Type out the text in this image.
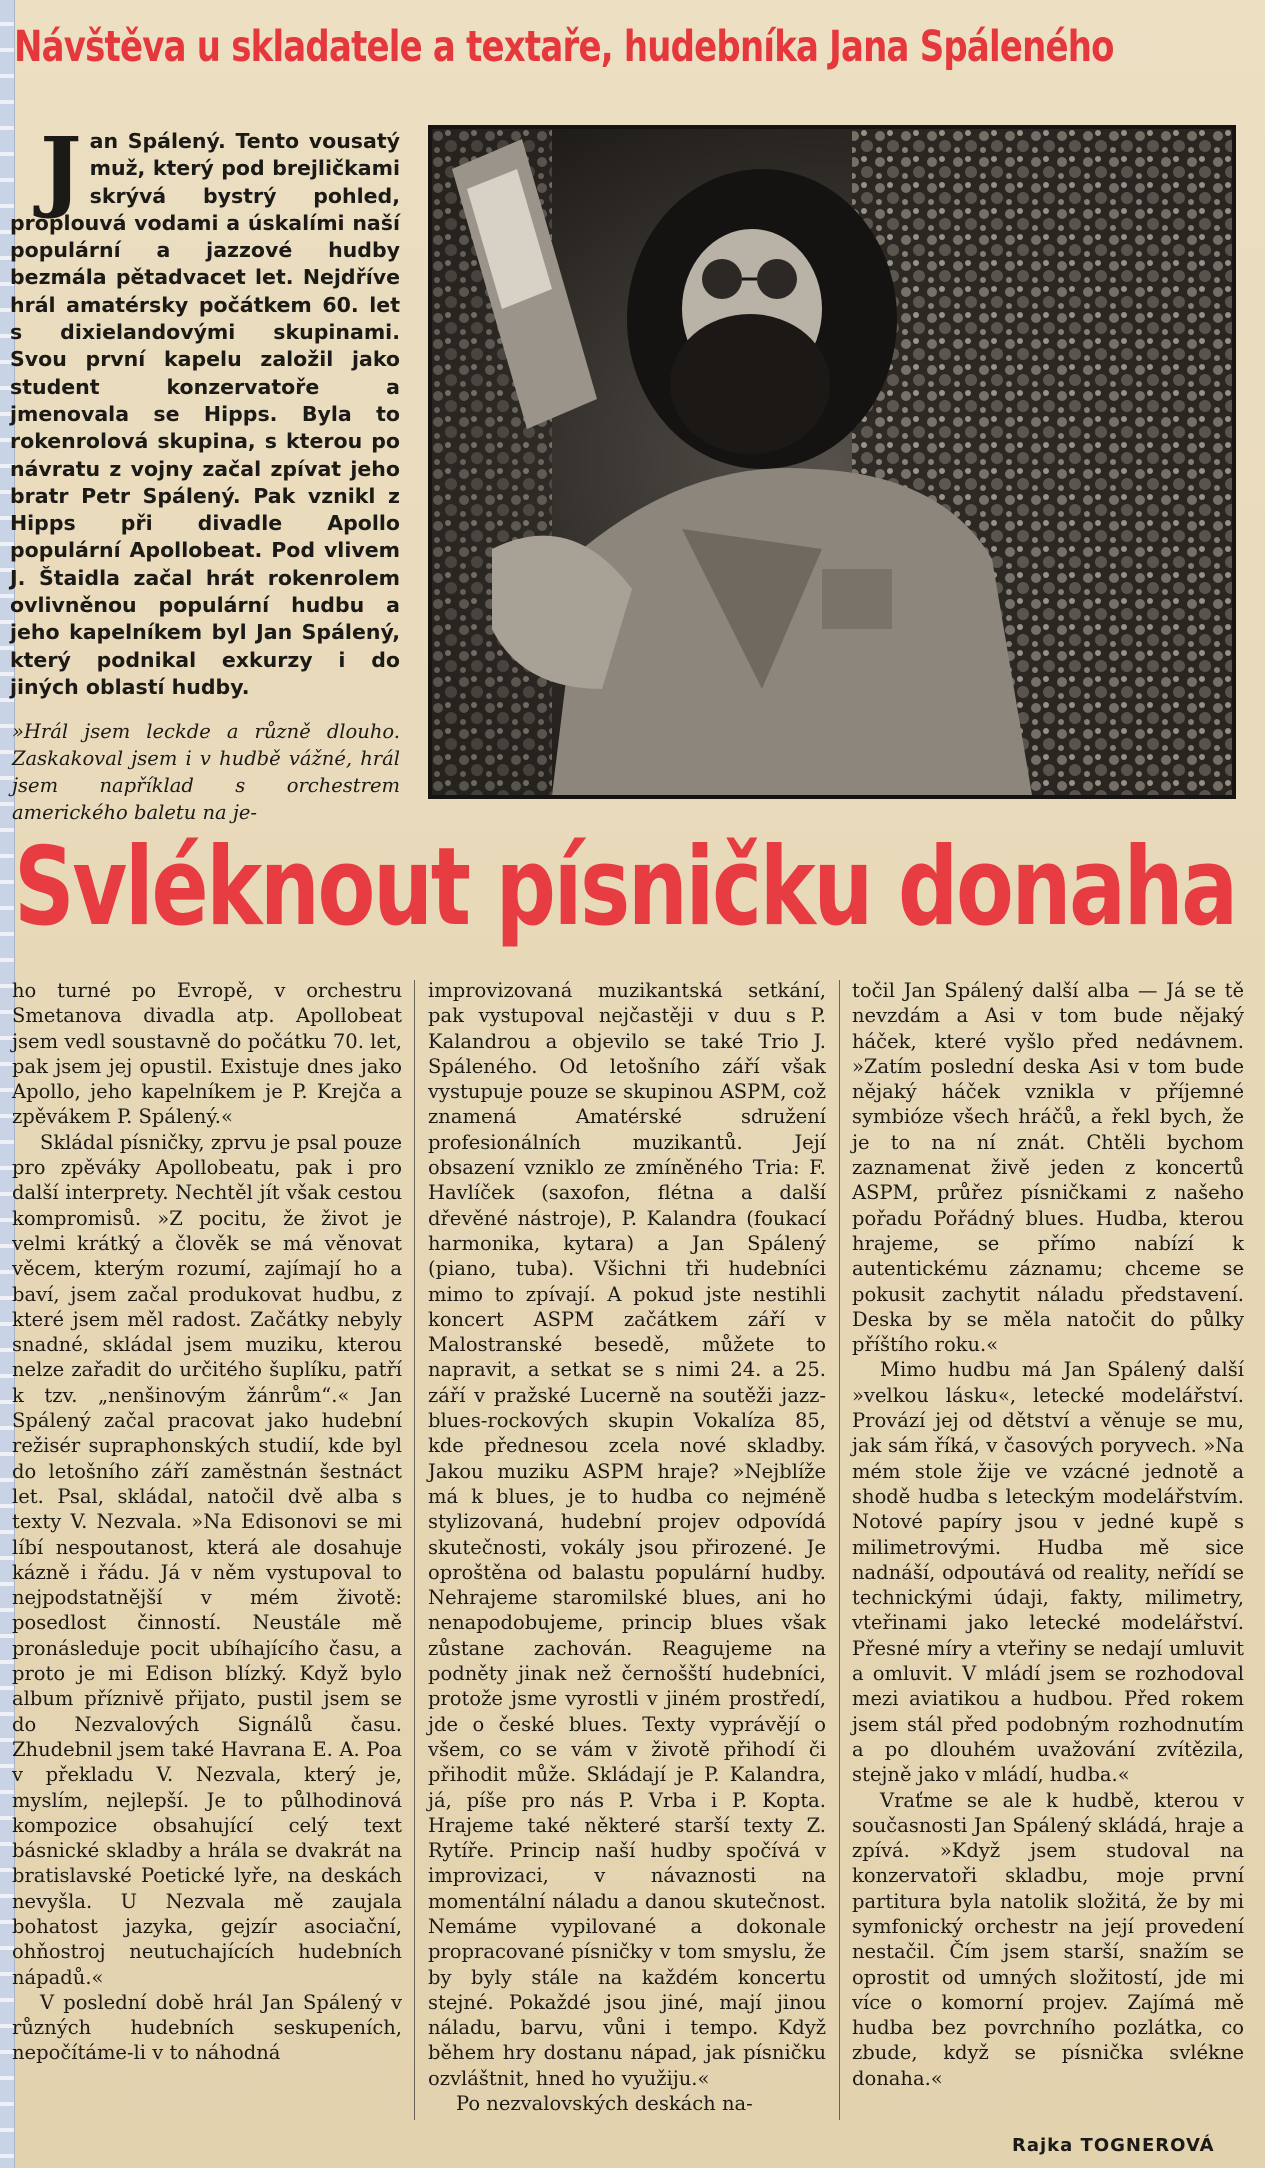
Návštěva u skladatele a textaře, hudebníka Jana Spáleného

Jan Spálený. Tento vousatý muž, který pod brejličkami skrývá bystrý pohled, proplouvá vodami a úskalími naší populární a jazzové hudby bezmála pětadvacet let. Nejdříve hrál amatérsky počátkem 60. let s dixielandovými skupinami. Svou první kapelu založil jako student konzervatoře a jmenovala se Hipps. Byla to rokenrolová skupina, s kterou po návratu z vojny začal zpívat jeho bratr Petr Spálený. Pak vznikl z Hipps při divadle Apollo populární Apollobeat. Pod vlivem J. Štaidla začal hrát rokenrolem ovlivněnou populární hudbu a jeho kapelníkem byl Jan Spálený, který podnikal exkurzy i do jiných oblastí hudby.

»Hrál jsem leckde a různě dlouho. Zaskakoval jsem i v hudbě vážné, hrál jsem například s orchestrem amerického baletu na je-

Svléknout písničku donaha

ho turné po Evropě, v orchestru Smetanova divadla atp. Apollobeat jsem vedl soustavně do počátku 70. let, pak jsem jej opustil. Existuje dnes jako Apollo, jeho kapelníkem je P. Krejča a zpěvákem P. Spálený.«

Skládal písničky, zprvu je psal pouze pro zpěváky Apollobeatu, pak i pro další interprety. Nechtěl jít však cestou kompromisů. »Z pocitu, že život je velmi krátký a člověk se má věnovat věcem, kterým rozumí, zajímají ho a baví, jsem začal produkovat hudbu, z které jsem měl radost. Začátky nebyly snadné, skládal jsem muziku, kterou nelze zařadit do určitého šuplíku, patří k tzv. „nenšinovým žánrům“.« Jan Spálený začal pracovat jako hudební režisér supraphonských studií, kde byl do letošního září zaměstnán šestnáct let. Psal, skládal, natočil dvě alba s texty V. Nezvala. »Na Edisonovi se mi líbí nespoutanost, která ale dosahuje kázně i řádu. Já v něm vystupoval to nejpodstatnější v mém životě: posedlost činností. Neustále mě pronásleduje pocit ubíhajícího času, a proto je mi Edison blízký. Když bylo album příznivě přijato, pustil jsem se do Nezvalových Signálů času. Zhudebnil jsem také Havrana E. A. Poa v překladu V. Nezvala, který je, myslím, nejlepší. Je to půlhodinová kompozice obsahující celý text básnické skladby a hrála se dvakrát na bratislavské Poetické lyře, na deskách nevyšla. U Nezvala mě zaujala bohatost jazyka, gejzír asociační, ohňostroj neutuchajících hudebních nápadů.«

V poslední době hrál Jan Spálený v různých hudebních seskupeních, nepočítáme-li v to náhodná

improvizovaná muzikantská setkání, pak vystupoval nejčastěji v duu s P. Kalandrou a objevilo se také Trio J. Spáleného. Od letošního září však vystupuje pouze se skupinou ASPM, což znamená Amatérské sdružení profesionálních muzikantů. Její obsazení vzniklo ze zmíněného Tria: F. Havlíček (saxofon, flétna a další dřevěné nástroje), P. Kalandra (foukací harmonika, kytara) a Jan Spálený (piano, tuba). Všichni tři hudebníci mimo to zpívají. A pokud jste nestihli koncert ASPM začátkem září v Malostranské besedě, můžete to napravit, a setkat se s nimi 24. a 25. září v pražské Lucerně na soutěži jazz-blues-rockových skupin Vokalíza 85, kde přednesou zcela nové skladby. Jakou muziku ASPM hraje? »Nejblíže má k blues, je to hudba co nejméně stylizovaná, hudební projev odpovídá skutečnosti, vokály jsou přirozené. Je oproštěna od balastu populární hudby. Nehrajeme staromilské blues, ani ho nenapodobujeme, princip blues však zůstane zachován. Reagujeme na podněty jinak než černošští hudebníci, protože jsme vyrostli v jiném prostředí, jde o české blues. Texty vyprávějí o všem, co se vám v životě přihodí či přihodit může. Skládají je P. Kalandra, já, píše pro nás P. Vrba i P. Kopta. Hrajeme také některé starší texty Z. Rytíře. Princip naší hudby spočívá v improvizaci, v návaznosti na momentální náladu a danou skutečnost. Nemáme vypilované a dokonale propracované písničky v tom smyslu, že by byly stále na každém koncertu stejné. Pokaždé jsou jiné, mají jinou náladu, barvu, vůni i tempo. Když během hry dostanu nápad, jak písničku ozvláštnit, hned ho využiju.«

Po nezvalovských deskách na-

točil Jan Spálený další alba — Já se tě nevzdám a Asi v tom bude nějaký háček, které vyšlo před nedávnem. »Zatím poslední deska Asi v tom bude nějaký háček vznikla v příjemné symbióze všech hráčů, a řekl bych, že je to na ní znát. Chtěli bychom zaznamenat živě jeden z koncertů ASPM, průřez písničkami z našeho pořadu Pořádný blues. Hudba, kterou hrajeme, se přímo nabízí k autentickému záznamu; chceme se pokusit zachytit náladu představení. Deska by se měla natočit do půlky příštího roku.«

Mimo hudbu má Jan Spálený další »velkou lásku«, letecké modelářství. Provází jej od dětství a věnuje se mu, jak sám říká, v časových poryvech. »Na mém stole žije ve vzácné jednotě a shodě hudba s leteckým modelářstvím. Notové papíry jsou v jedné kupě s milimetrovými. Hudba mě sice nadnáší, odpoutává od reality, neřídí se technickými údaji, fakty, milimetry, vteřinami jako letecké modelářství. Přesné míry a vteřiny se nedají umluvit a omluvit. V mládí jsem se rozhodoval mezi aviatikou a hudbou. Před rokem jsem stál před podobným rozhodnutím a po dlouhém uvažování zvítězila, stejně jako v mládí, hudba.«

Vraťme se ale k hudbě, kterou v současnosti Jan Spálený skládá, hraje a zpívá. »Když jsem studoval na konzervatoři skladbu, moje první partitura byla natolik složitá, že by mi symfonický orchestr na její provedení nestačil. Čím jsem starší, snažím se oprostit od umných složitostí, jde mi více o komorní projev. Zajímá mě hudba bez povrchního pozlátka, co zbude, když se písnička svlékne donaha.«

Rajka TOGNEROVÁ
